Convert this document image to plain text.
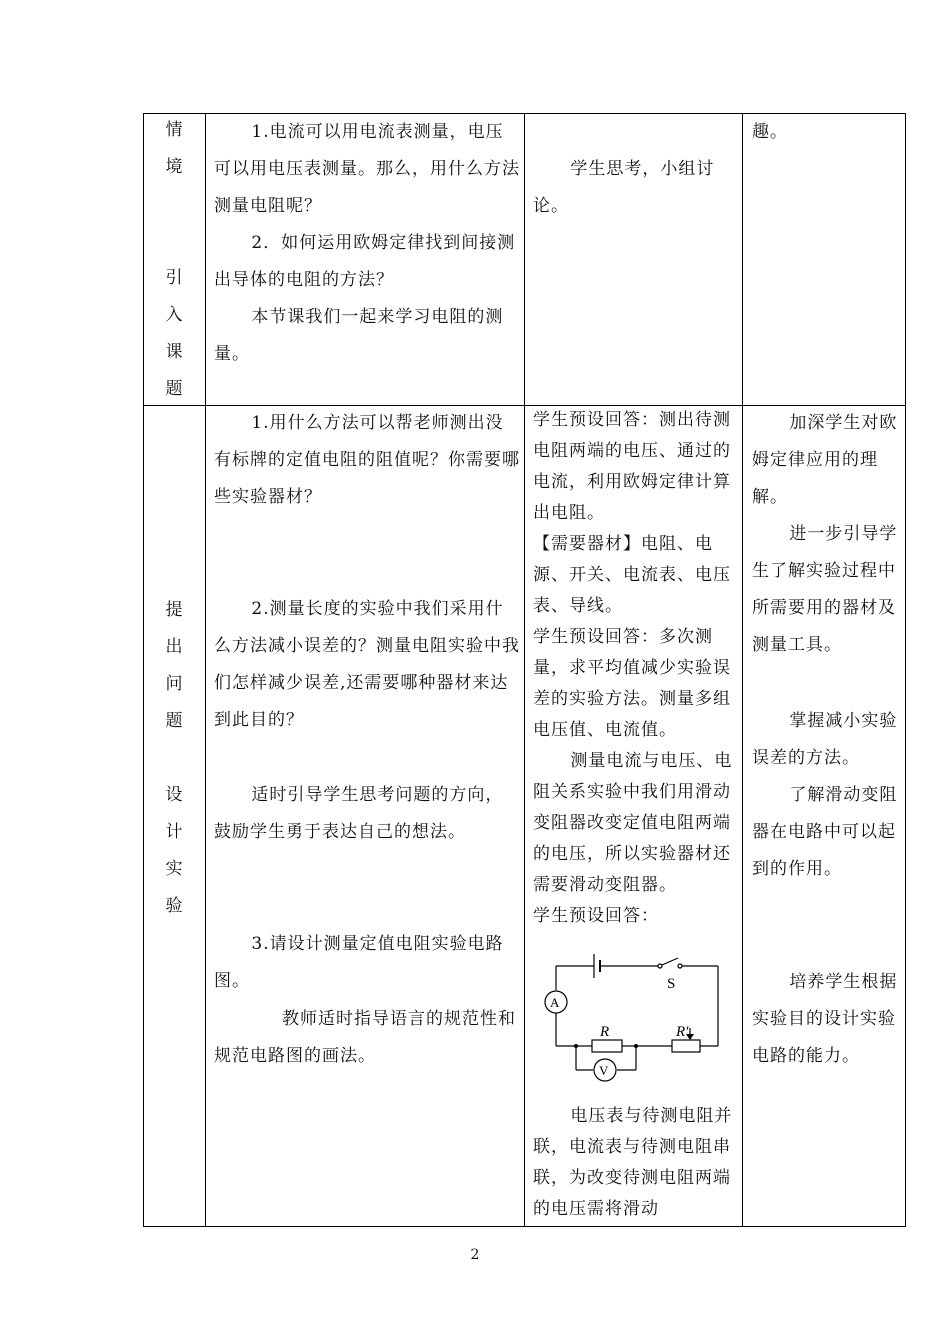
情
境

引
入
课
题

1.电流可以用电流表测量，电压可以用电压表测量。那么，用什么方法测量电阻呢？

2．如何运用欧姆定律找到间接测出导体的电阻的方法？

本节课我们一起来学习电阻的测量。

学生思考，小组讨论。

趣。

提
出
问
题

设
计
实
验

1.用什么方法可以帮老师测出没有标牌的定值电阻的阻值呢？你需要哪些实验器材？

2.测量长度的实验中我们采用什么方法减小误差的？测量电阻实验中我们怎样减少误差,还需要哪种器材来达到此目的？

适时引导学生思考问题的方向，鼓励学生勇于表达自己的想法。

3.请设计测量定值电阻实验电路图。

教师适时指导语言的规范性和规范电路图的画法。

学生预设回答：测出待测电阻两端的电压、通过的电流，利用欧姆定律计算出电阻。

【需要器材】电阻、电源、开关、电流表、电压表、导线。

学生预设回答：多次测量，求平均值减少实验误差的实验方法。测量多组电压值、电流值。

测量电流与电压、电阻关系实验中我们用滑动变阻器改变定值电阻两端的电压，所以实验器材还需要滑动变阻器。

学生预设回答：

S
A
V
R	R′

电压表与待测电阻并联，电流表与待测电阻串联，为改变待测电阻两端的电压需将滑动

加深学生对欧姆定律应用的理解。

进一步引导学生了解实验过程中所需要用的器材及测量工具。

掌握减小实验误差的方法。

了解滑动变阻器在电路中可以起到的作用。

培养学生根据实验目的设计实验电路的能力。

2
